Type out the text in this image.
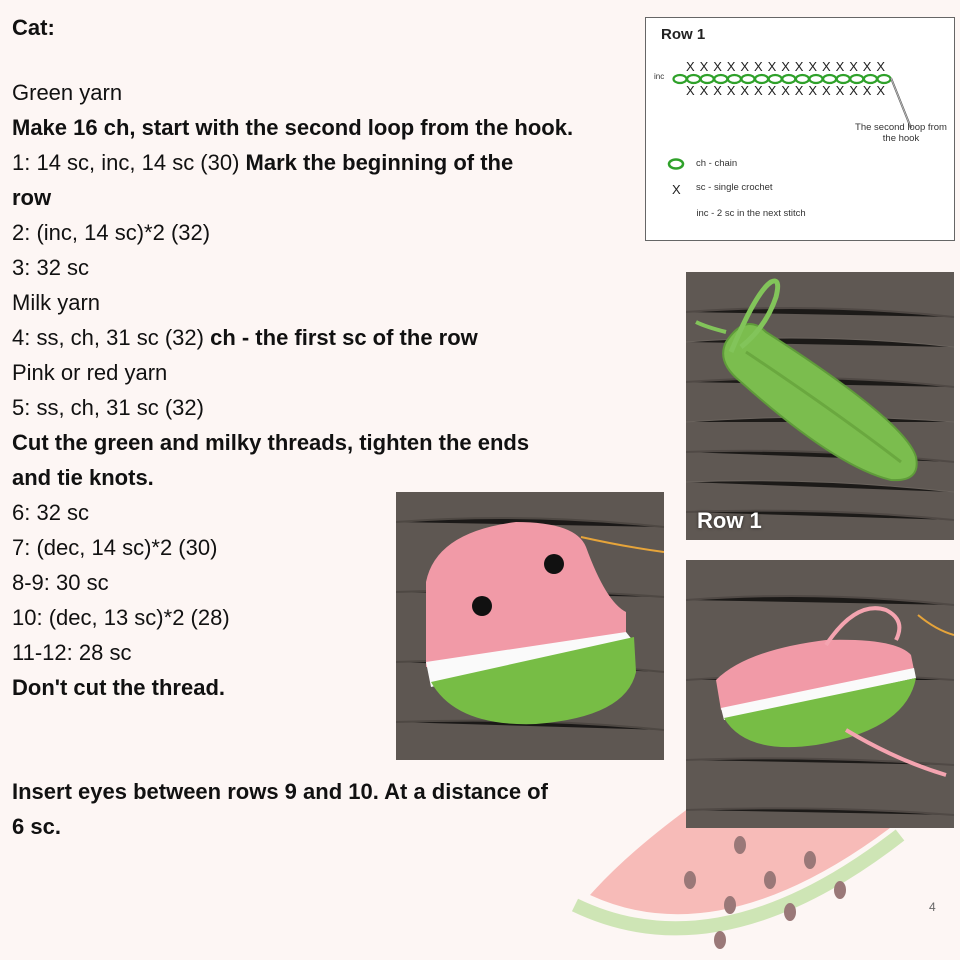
Cat:
Green yarn
Make 16 ch, start with the second loop from the hook.
1: 14 sc, inc, 14 sc (30) Mark the beginning of the
row
2: (inc, 14 sc)*2 (32)
3: 32 sc
Milk yarn
4: ss, ch, 31 sc (32) ch - the first sc of the row
Pink or red yarn
5: ss, ch, 31 sc (32)
Cut the green and milky threads, tighten the ends
and tie knots.
6: 32 sc
7: (dec, 14 sc)*2 (30)
8-9: 30 sc
10: (dec, 13 sc)*2 (28)
11-12: 28 sc
Don't cut the thread.
Insert eyes between rows 9 and 10. At a distance of
6 sc.
Row 1
inc
X X X X X X X X X X X X X X X
X X X X X X X X X X X X X X X
X
The second loop from the hook
ch - chain
sc - single crochet
inc - 2 sc in the next stitch
Row 1
4
